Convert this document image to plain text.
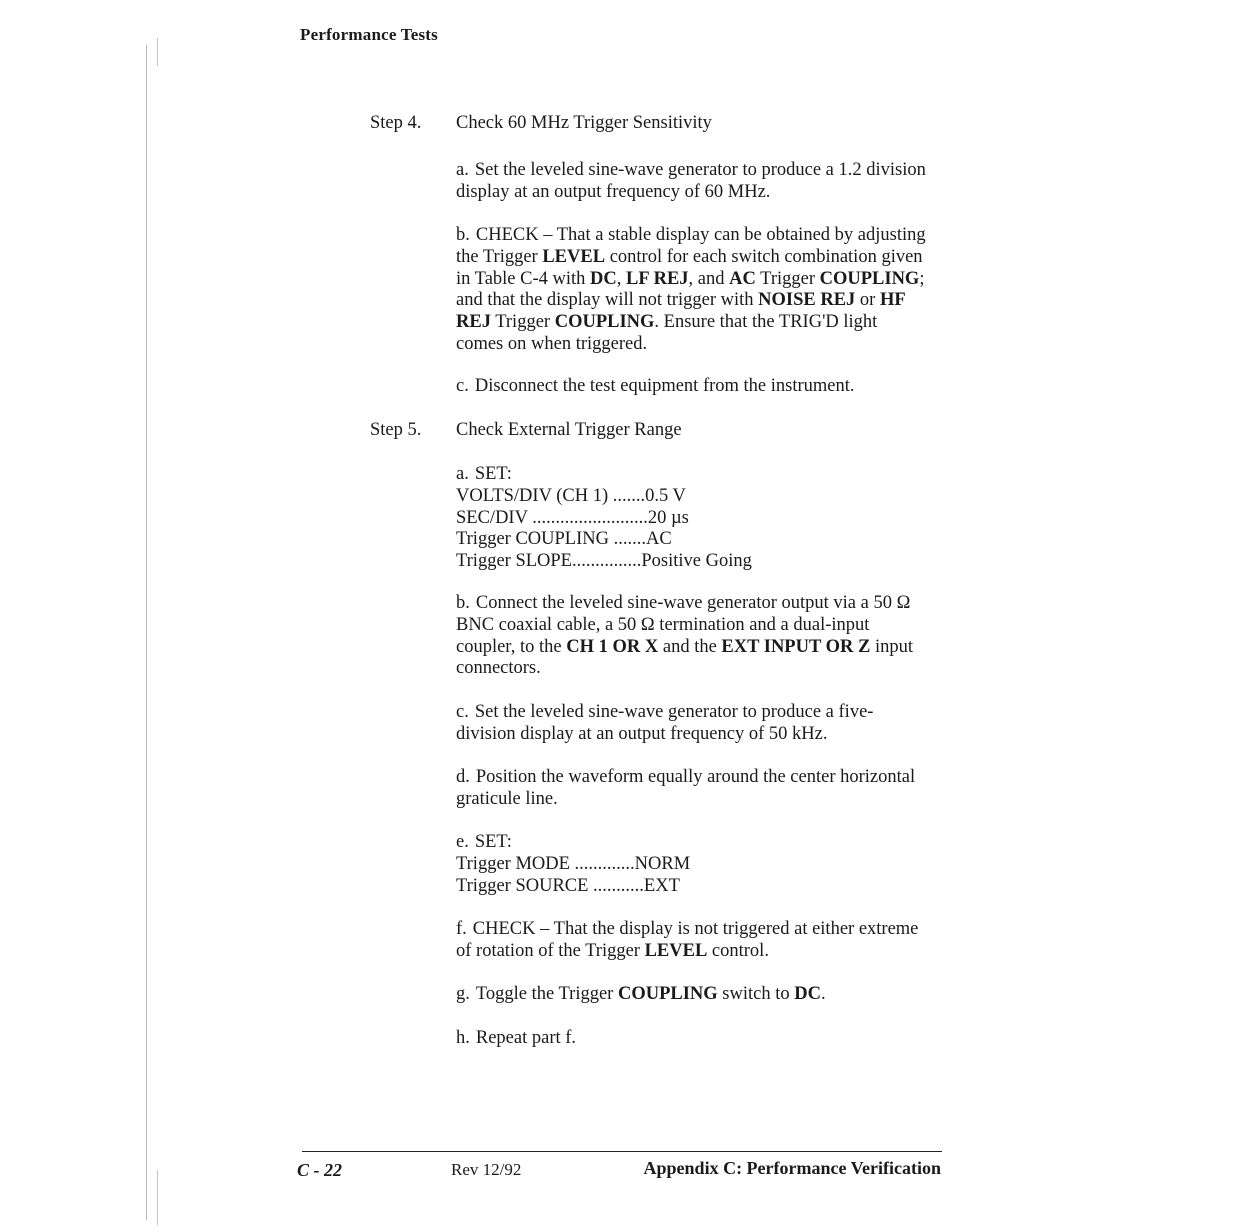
Performance Tests
Step 4. Check 60 MHz Trigger Sensitivity
a. Set the leveled sine-wave generator to produce a 1.2 division display at an output frequency of 60 MHz.
b. CHECK – That a stable display can be obtained by adjusting the Trigger LEVEL control for each switch combination given in Table C-4 with DC, LF REJ, and AC Trigger COUPLING; and that the display will not trigger with NOISE REJ or HF REJ Trigger COUPLING. Ensure that the TRIG'D light comes on when triggered.
c. Disconnect the test equipment from the instrument.
Step 5. Check External Trigger Range
a. SET:
VOLTS/DIV (CH 1) .......0.5 V
SEC/DIV .........................20 µs
Trigger COUPLING .......AC
Trigger SLOPE...............Positive Going
b. Connect the leveled sine-wave generator output via a 50 Ω BNC coaxial cable, a 50 Ω termination and a dual-input coupler, to the CH 1 OR X and the EXT INPUT OR Z input connectors.
c. Set the leveled sine-wave generator to produce a five-division display at an output frequency of 50 kHz.
d. Position the waveform equally around the center horizontal graticule line.
e. SET:
Trigger MODE .............NORM
Trigger SOURCE ...........EXT
f. CHECK – That the display is not triggered at either extreme of rotation of the Trigger LEVEL control.
g. Toggle the Trigger COUPLING switch to DC.
h. Repeat part f.
C - 22	Rev 12/92	Appendix C: Performance Verification
